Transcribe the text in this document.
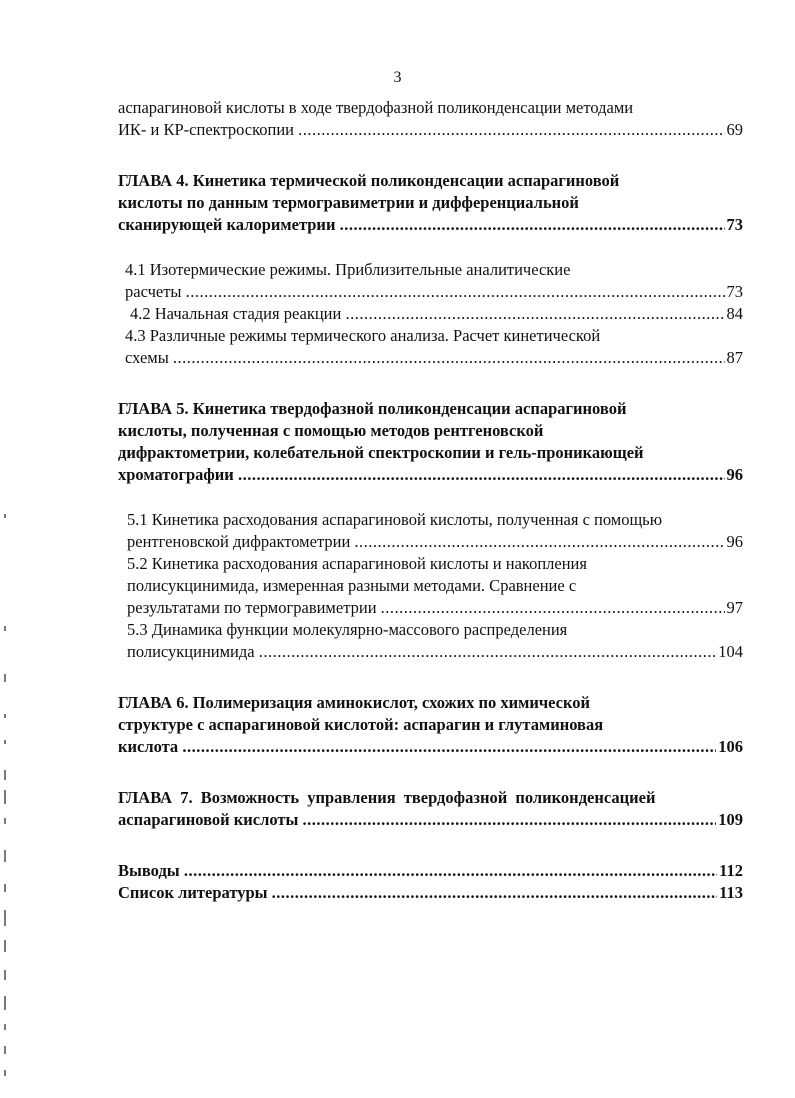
3
аспарагиновой кислоты в ходе твердофазной поликонденсации методами
ИК- и КР-спектроскопии	69
.....
ГЛАВА 4. Кинетика термической поликонденсации аспарагиновой
кислоты по данным термогравиметрии и дифференциальной
сканирующей калориметрии	73
.....
4.1 Изотермические режимы. Приблизительные аналитические
расчеты	73
.....
4.2 Начальная стадия реакции	84
.....
4.3 Различные режимы термического анализа. Расчет кинетической
схемы	87
.....
ГЛАВА 5. Кинетика твердофазной поликонденсации аспарагиновой
кислоты, полученная с помощью методов рентгеновской
дифрактометрии, колебательной спектроскопии и гель-проникающей
хроматографии	96
.....
5.1 Кинетика расходования аспарагиновой кислоты, полученная с помощью
рентгеновской дифрактометрии	96
.....
5.2 Кинетика расходования аспарагиновой кислоты и накопления
полисукцинимида, измеренная разными методами. Сравнение с
результатами по термогравиметрии	97
.....
5.3 Динамика функции молекулярно-массового распределения
полисукцинимида	104
.....
ГЛАВА 6. Полимеризация аминокислот, схожих по химической
структуре с аспарагиновой кислотой: аспарагин и глутаминовая
кислота	106
.....
ГЛАВА 7. Возможность управления твердофазной поликонденсацией
аспарагиновой кислоты	109
.....
Выводы	112
.....
Список литературы	113
.....
